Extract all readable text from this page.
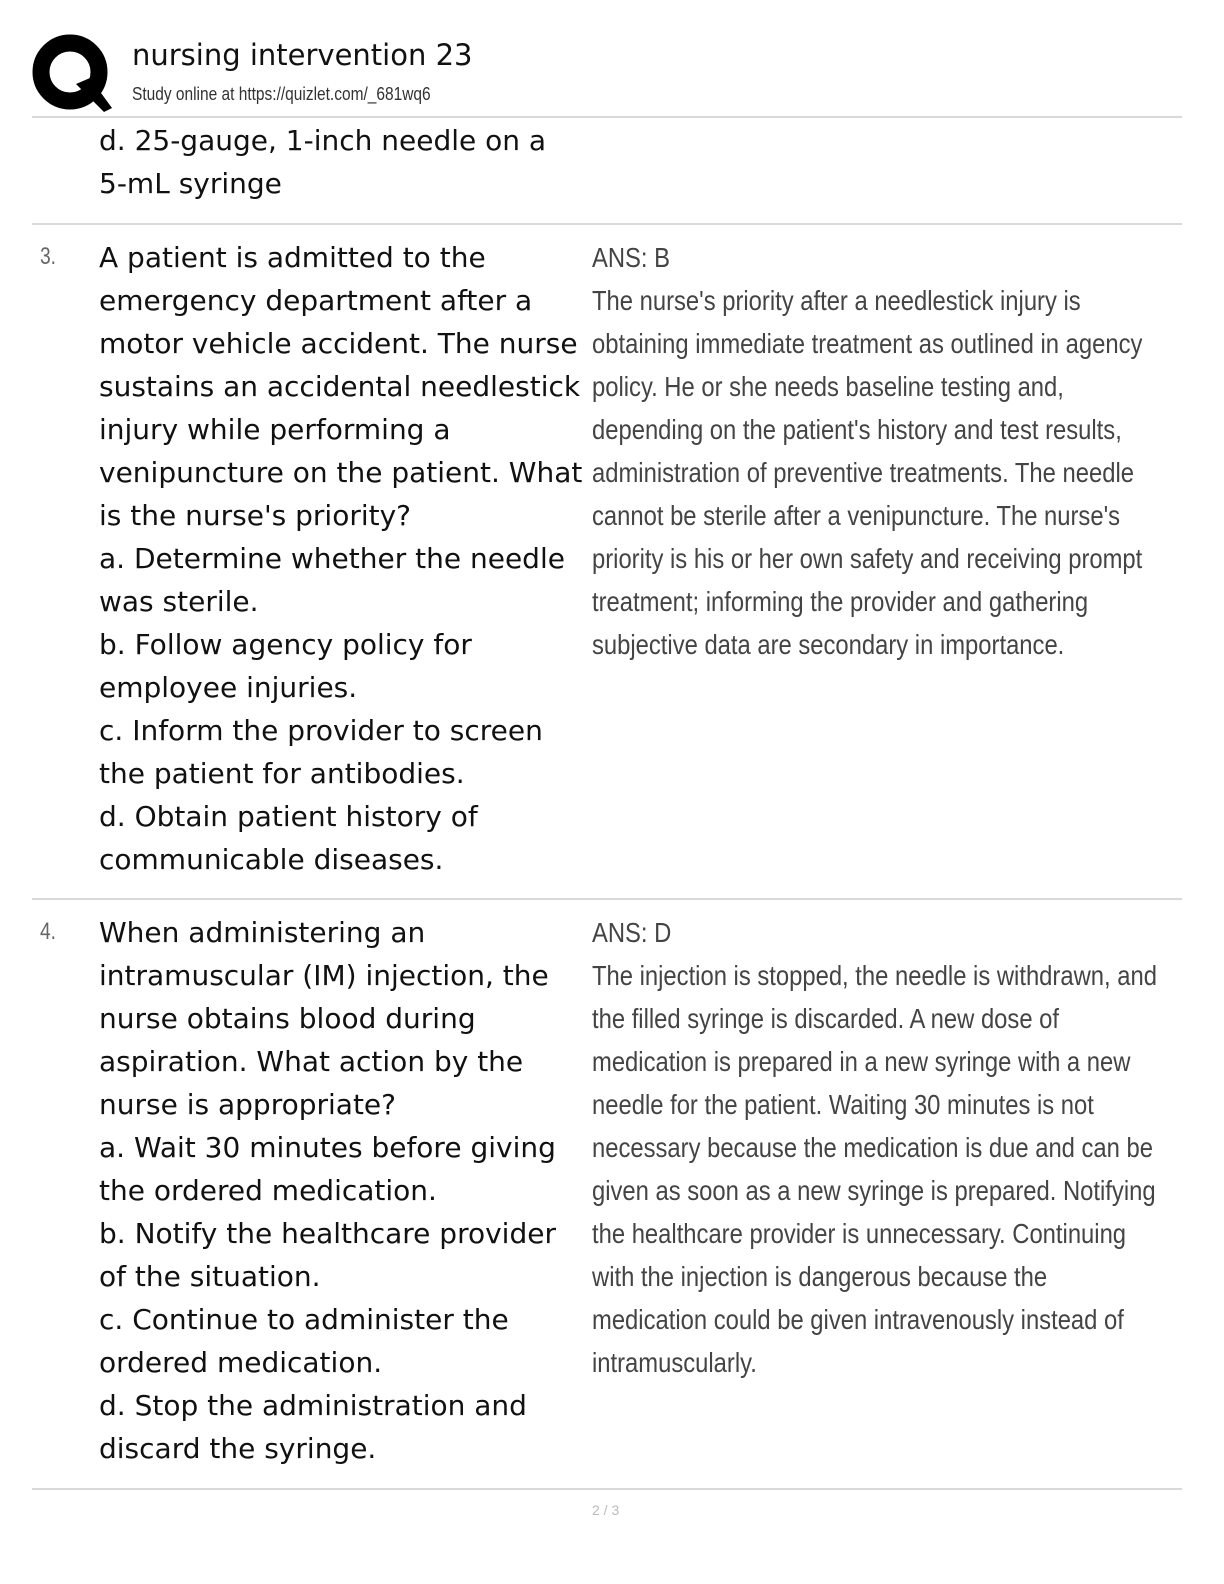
nursing intervention 23
Study online at https://quizlet.com/_681wq6

d. 25-gauge, 1-inch needle on a

5-mL syringe

3. A patient is admitted to the emergency department after a motor vehicle accident. The nurse sustains an accidental needlestick injury while performing a venipuncture on the patient. What is the nurse's priority?

a. Determine whether the needle was sterile.

b. Follow agency policy for employee injuries.

c. Inform the provider to screen the patient for antibodies.

d. Obtain patient history of communicable diseases.

ANS: B

The nurse's priority after a needlestick injury is obtaining immediate treatment as outlined in agency policy. He or she needs baseline testing and, depending on the patient's history and test results, administration of preventive treatments. The needle cannot be sterile after a venipuncture. The nurse's priority is his or her own safety and receiving prompt treatment; informing the provider and gathering subjective data are secondary in importance.

4. When administering an intramuscular (IM) injection, the nurse obtains blood during aspiration. What action by the nurse is appropriate?

a. Wait 30 minutes before giving the ordered medication.

b. Notify the healthcare provider of the situation.

c. Continue to administer the ordered medication.

d. Stop the administration and discard the syringe.

ANS: D

The injection is stopped, the needle is withdrawn, and the filled syringe is discarded. A new dose of medication is prepared in a new syringe with a new needle for the patient. Waiting 30 minutes is not necessary because the medication is due and can be given as soon as a new syringe is prepared. Notifying the healthcare provider is unnecessary. Continuing with the injection is dangerous because the medication could be given intravenously instead of intramuscularly.

2 / 3
